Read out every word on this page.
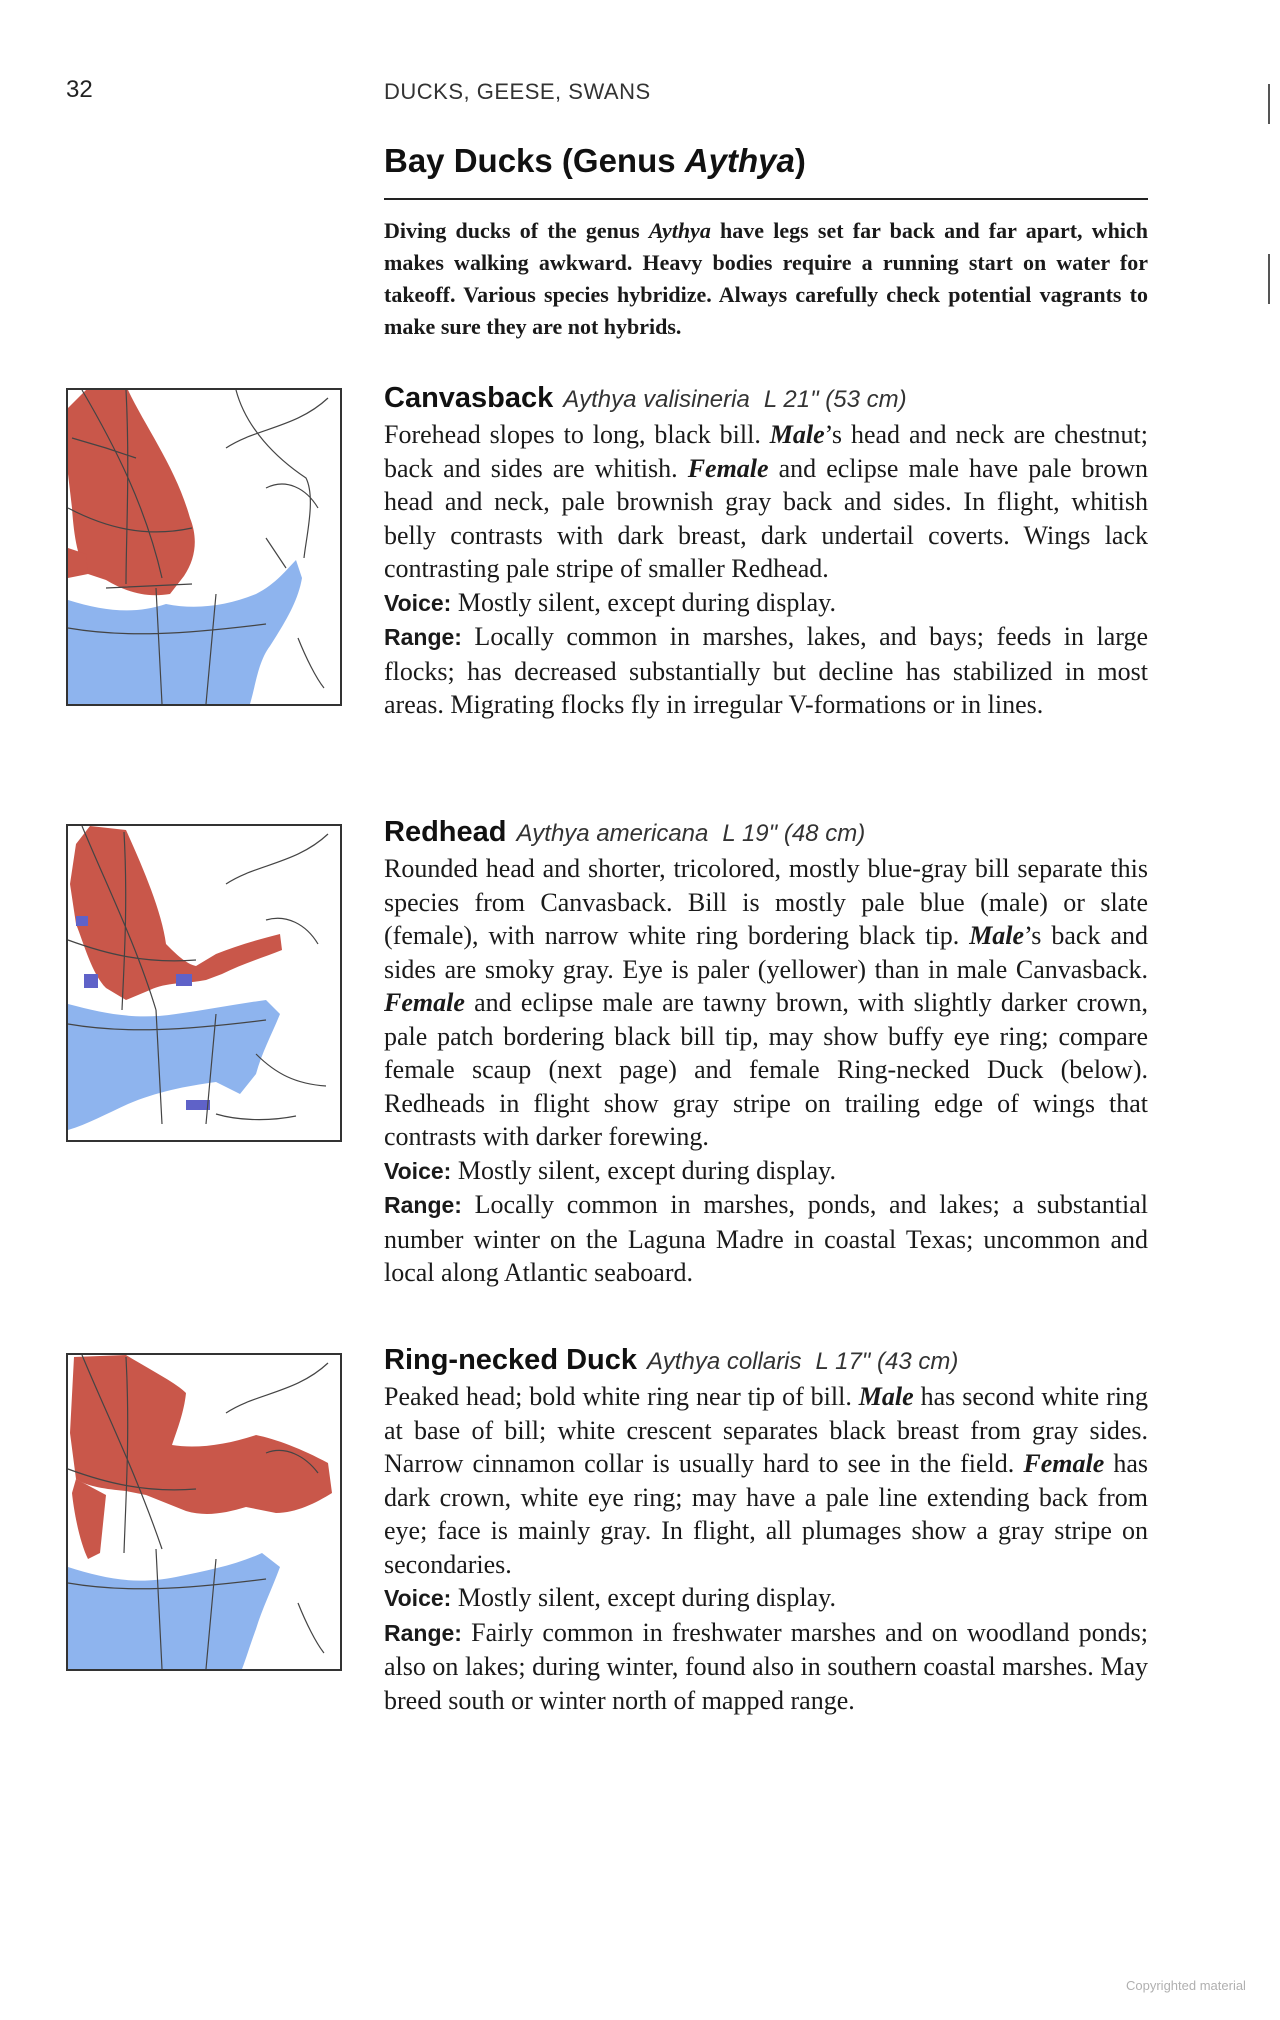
32	DUCKS, GEESE, SWANS
Bay Ducks (Genus Aythya)

Diving ducks of the genus Aythya have legs set far back and far apart, which makes walking awkward. Heavy bodies require a running start on water for takeoff. Various species hybridize. Always carefully check potential vagrants to make sure they are not hybrids.

Canvasback Aythya valisineria L 21" (53 cm)

Forehead slopes to long, black bill. Male’s head and neck are chestnut; back and sides are whitish. Female and eclipse male have pale brown head and neck, pale brownish gray back and sides. In flight, whitish belly contrasts with dark breast, dark undertail coverts. Wings lack contrasting pale stripe of smaller Redhead.

Voice: Mostly silent, except during display.

Range: Locally common in marshes, lakes, and bays; feeds in large flocks; has decreased substantially but decline has stabilized in most areas. Migrating flocks fly in irregular V-formations or in lines.

Redhead Aythya americana L 19" (48 cm)

Rounded head and shorter, tricolored, mostly blue-gray bill separate this species from Canvasback. Bill is mostly pale blue (male) or slate (female), with narrow white ring bordering black tip. Male’s back and sides are smoky gray. Eye is paler (yellower) than in male Canvasback. Female and eclipse male are tawny brown, with slightly darker crown, pale patch bordering black bill tip, may show buffy eye ring; compare female scaup (next page) and female Ring-necked Duck (below). Redheads in flight show gray stripe on trailing edge of wings that contrasts with darker forewing.

Voice: Mostly silent, except during display.

Range: Locally common in marshes, ponds, and lakes; a substantial number winter on the Laguna Madre in coastal Texas; uncommon and local along Atlantic seaboard.

Ring-necked Duck Aythya collaris L 17" (43 cm)

Peaked head; bold white ring near tip of bill. Male has second white ring at base of bill; white crescent separates black breast from gray sides. Narrow cinnamon collar is usually hard to see in the field. Female has dark crown, white eye ring; may have a pale line extending back from eye; face is mainly gray. In flight, all plumages show a gray stripe on secondaries.

Voice: Mostly silent, except during display.

Range: Fairly common in freshwater marshes and on woodland ponds; also on lakes; during winter, found also in southern coastal marshes. May breed south or winter north of mapped range.

Copyrighted material
